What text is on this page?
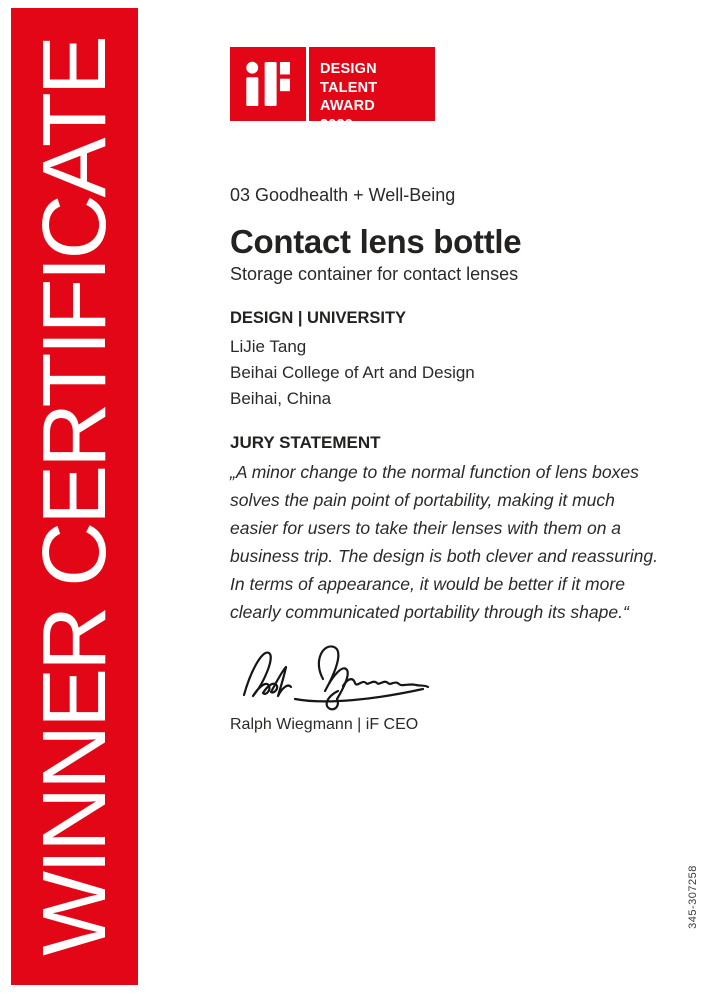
WINNER CERTIFICATE	DESIGN
TALENT AWARD
2020
03 Goodhealth + Well-Being
Contact lens bottle
Storage container for contact lenses
DESIGN | UNIVERSITY
LiJie Tang
Beihai College of Art and Design
Beihai, China
JURY STATEMENT
„A minor change to the normal function of lens boxes
solves the pain point of portability, making it much
easier for users to take their lenses with them on a
business trip. The design is both clever and reassuring.
In terms of appearance, it would be better if it more
clearly communicated portability through its shape.“
Ralph Wiegmann | iF CEO
345-307258
